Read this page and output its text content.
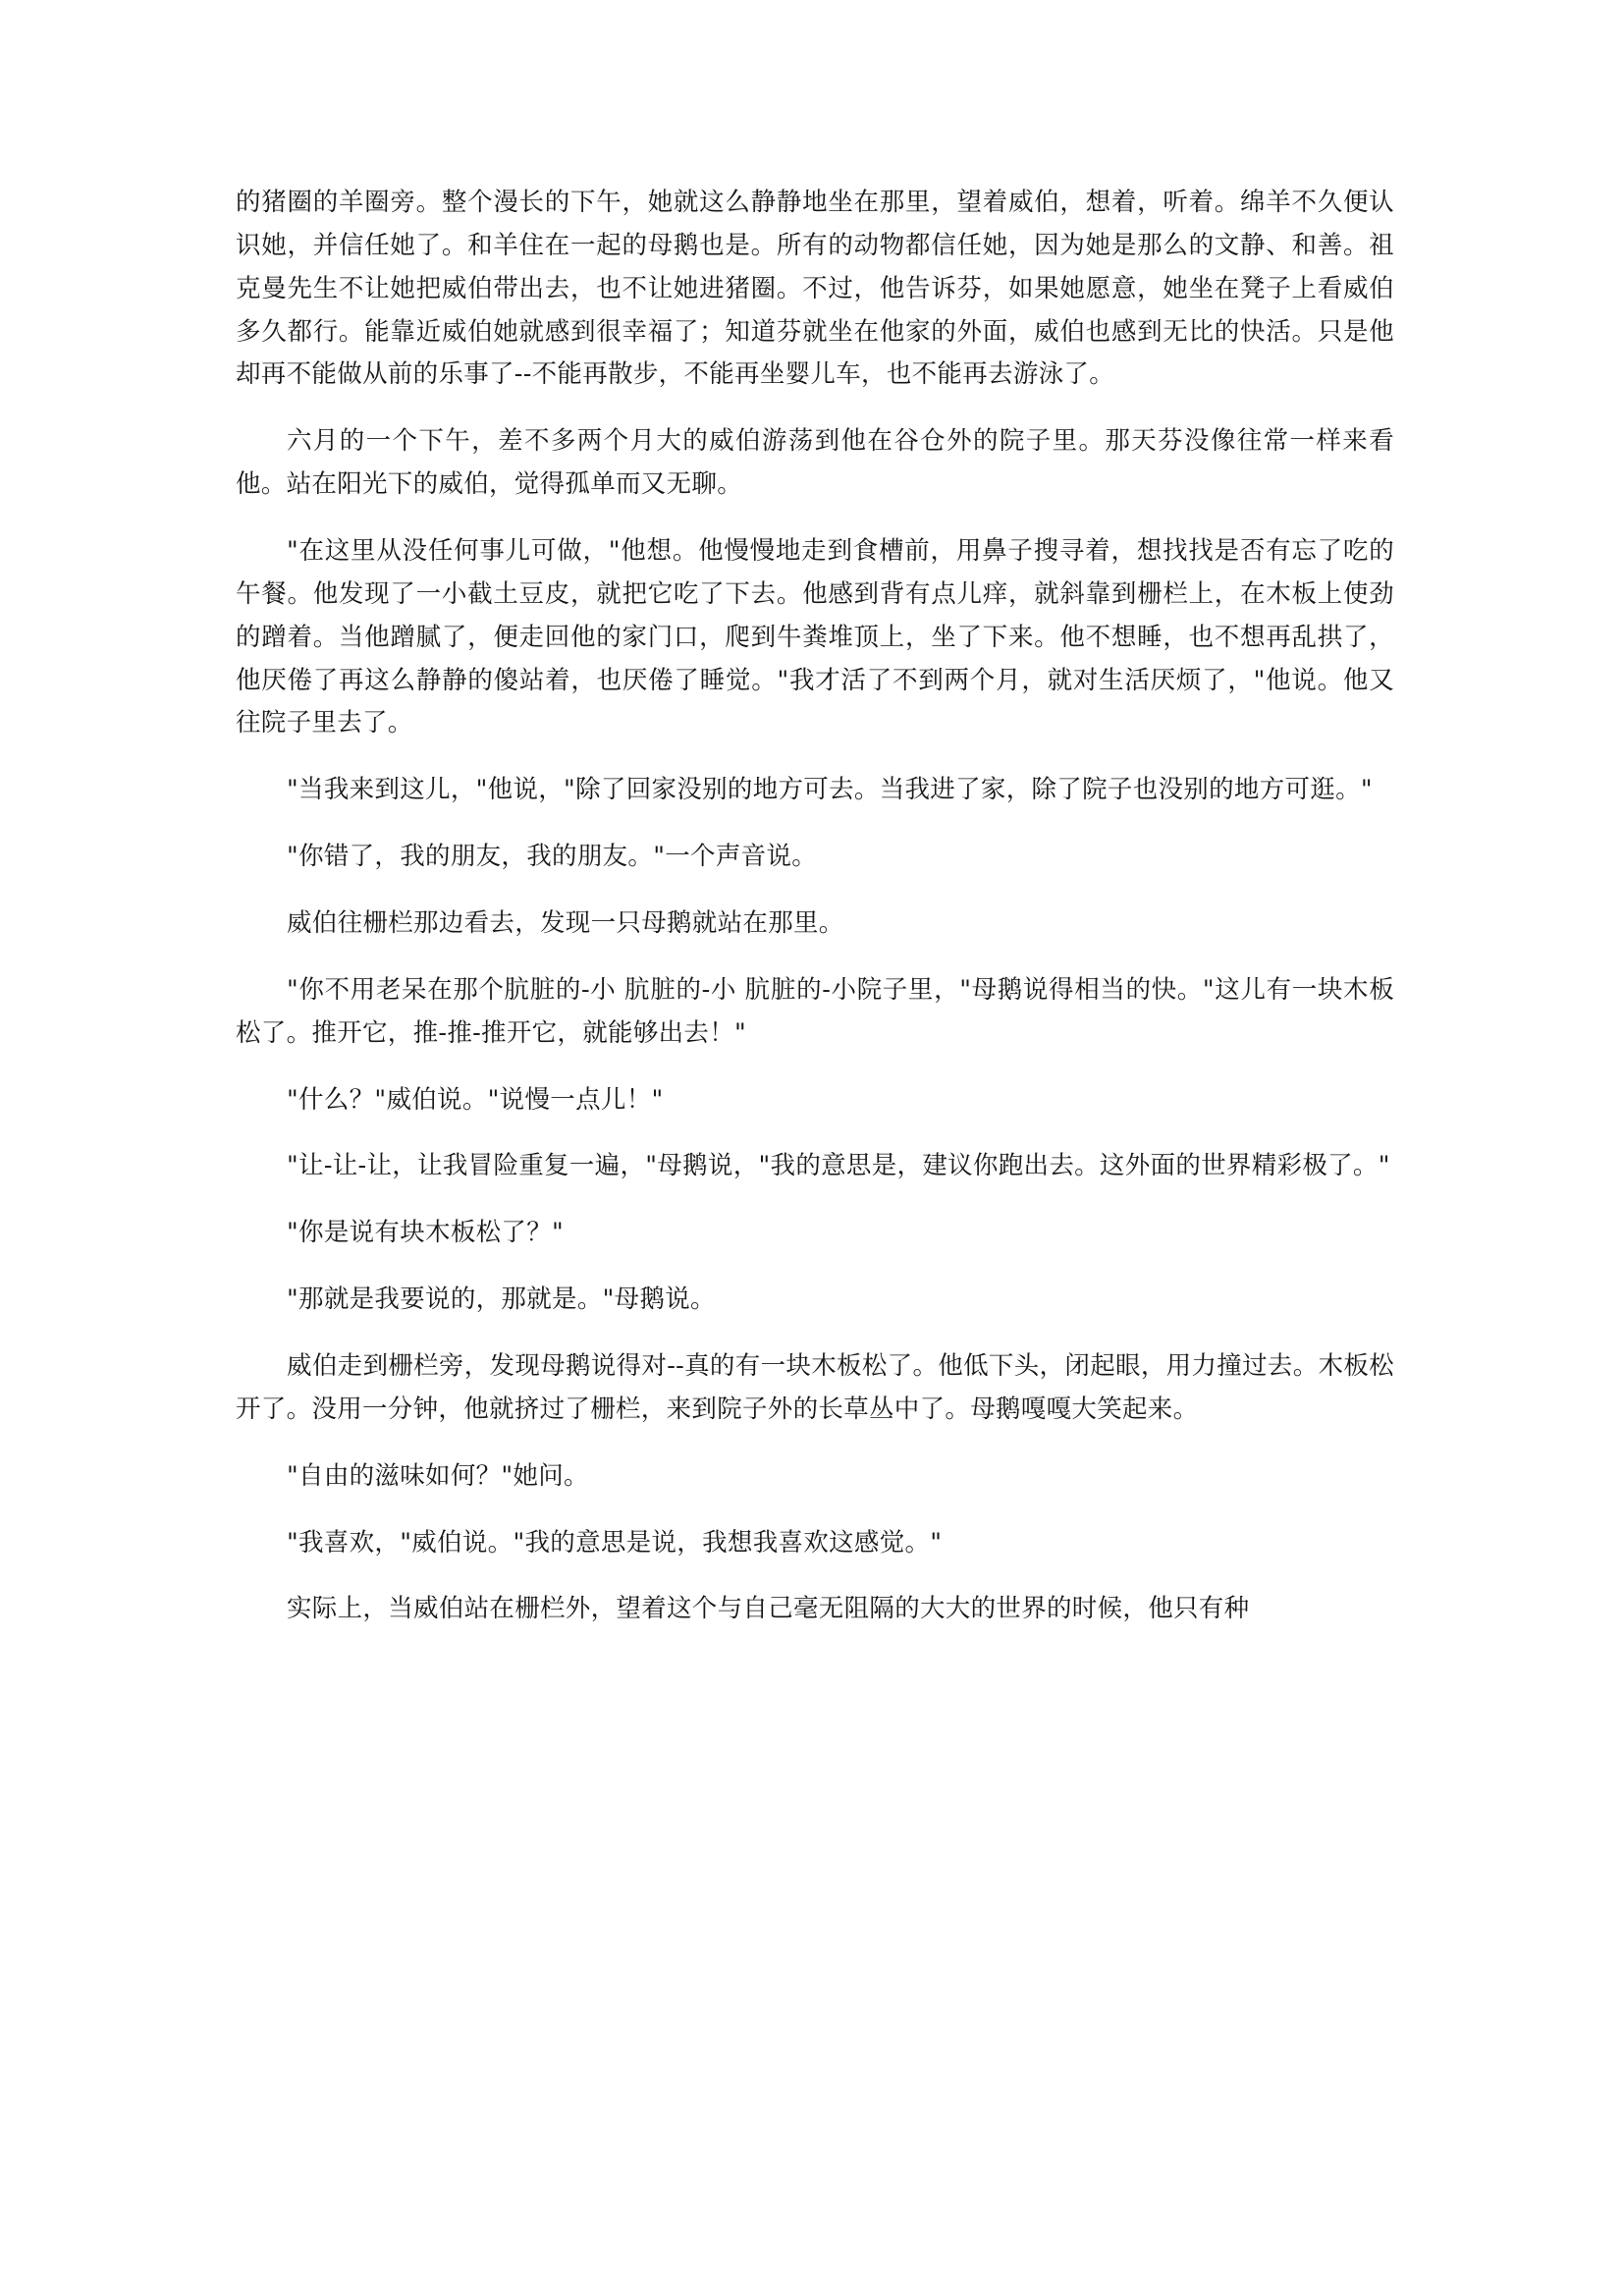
的猪圈的羊圈旁。整个漫长的下午，她就这么静静地坐在那里，望着威伯，想着，听着。绵羊不久便认识她，并信任她了。和羊住在一起的母鹅也是。所有的动物都信任她，因为她是那么的文静、和善。祖克曼先生不让她把威伯带出去，也不让她进猪圈。不过，他告诉芬，如果她愿意，她坐在凳子上看威伯多久都行。能靠近威伯她就感到很幸福了；知道芬就坐在他家的外面，威伯也感到无比的快活。只是他却再不能做从前的乐事了--不能再散步，不能再坐婴儿车，也不能再去游泳了。

六月的一个下午，差不多两个月大的威伯游荡到他在谷仓外的院子里。那天芬没像往常一样来看他。站在阳光下的威伯，觉得孤单而又无聊。

"在这里从没任何事儿可做，"他想。他慢慢地走到食槽前，用鼻子搜寻着，想找找是否有忘了吃的午餐。他发现了一小截土豆皮，就把它吃了下去。他感到背有点儿痒，就斜靠到栅栏上，在木板上使劲的蹭着。当他蹭腻了，便走回他的家门口，爬到牛粪堆顶上，坐了下来。他不想睡，也不想再乱拱了，他厌倦了再这么静静的傻站着，也厌倦了睡觉。"我才活了不到两个月，就对生活厌烦了，"他说。他又往院子里去了。

"当我来到这儿，"他说，"除了回家没别的地方可去。当我进了家，除了院子也没别的地方可逛。"

"你错了，我的朋友，我的朋友。"一个声音说。

威伯往栅栏那边看去，发现一只母鹅就站在那里。

"你不用老呆在那个肮脏的-小 肮脏的-小 肮脏的-小院子里，"母鹅说得相当的快。"这儿有一块木板松了。推开它，推-推-推开它，就能够出去！"

"什么？"威伯说。"说慢一点儿！"

"让-让-让，让我冒险重复一遍，"母鹅说，"我的意思是，建议你跑出去。这外面的世界精彩极了。"

"你是说有块木板松了？"

"那就是我要说的，那就是。"母鹅说。

威伯走到栅栏旁，发现母鹅说得对--真的有一块木板松了。他低下头，闭起眼，用力撞过去。木板松开了。没用一分钟，他就挤过了栅栏，来到院子外的长草丛中了。母鹅嘎嘎大笑起来。

"自由的滋味如何？"她问。

"我喜欢，"威伯说。"我的意思是说，我想我喜欢这感觉。"

实际上，当威伯站在栅栏外，望着这个与自己毫无阻隔的大大的世界的时候，他只有种
